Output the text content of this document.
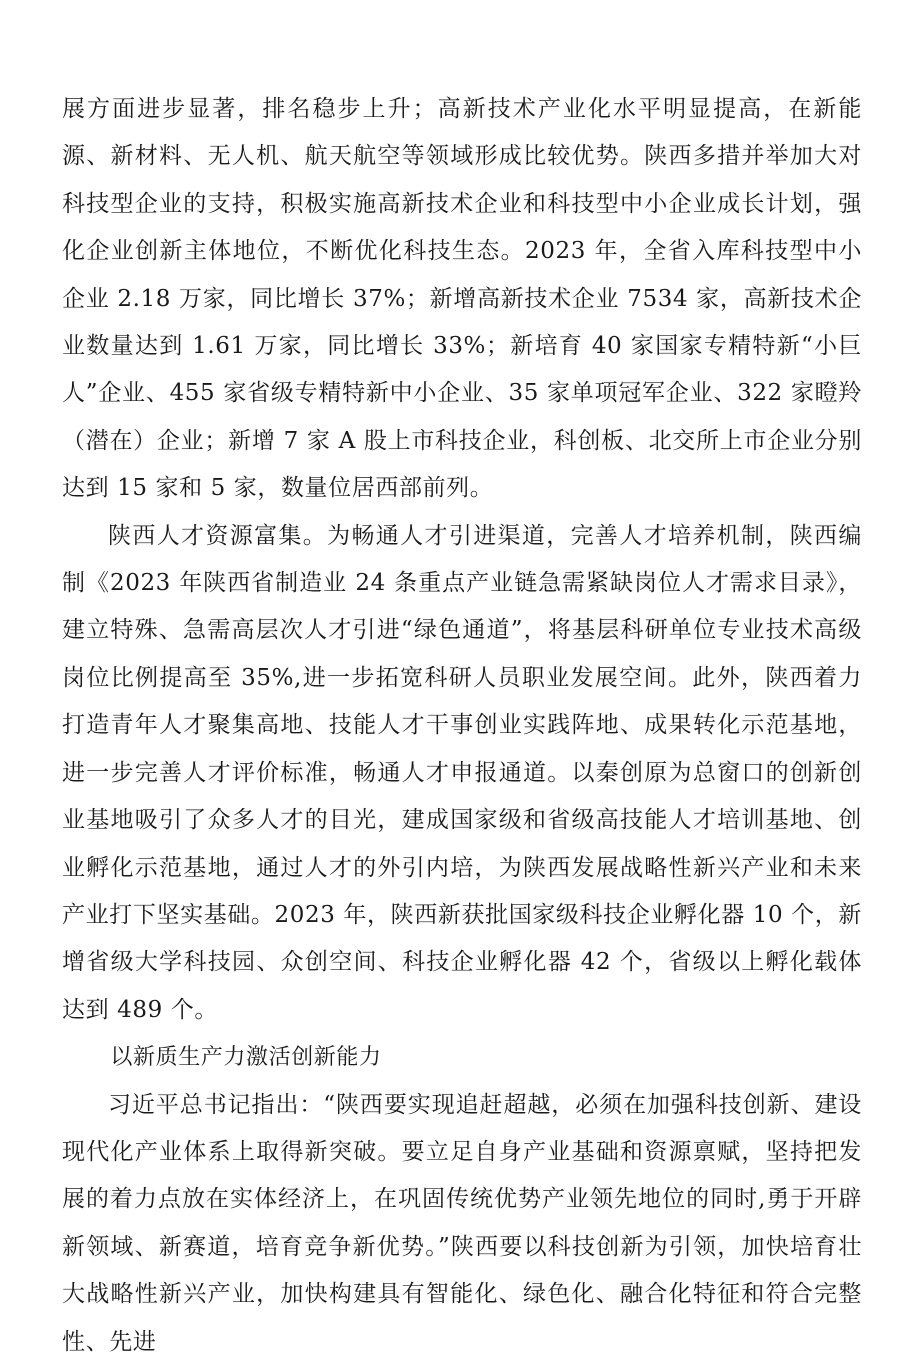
展方面进步显著，排名稳步上升；高新技术产业化水平明显提高，在新能源、新材料、无人机、航天航空等领域形成比较优势。陕西多措并举加大对科技型企业的支持，积极实施高新技术企业和科技型中小企业成长计划，强化企业创新主体地位，不断优化科技生态。2023 年，全省入库科技型中小企业 2.18 万家，同比增长 37%；新增高新技术企业 7534 家，高新技术企业数量达到 1.61 万家，同比增长 33%；新培育 40 家国家专精特新“小巨人”企业、455 家省级专精特新中小企业、35 家单项冠军企业、322 家瞪羚（潜在）企业；新增 7 家 A 股上市科技企业，科创板、北交所上市企业分别达到 15 家和 5 家，数量位居西部前列。

陕西人才资源富集。为畅通人才引进渠道，完善人才培养机制，陕西编制《2023 年陕西省制造业 24 条重点产业链急需紧缺岗位人才需求目录》，建立特殊、急需高层次人才引进“绿色通道”，将基层科研单位专业技术高级岗位比例提高至 35%,进一步拓宽科研人员职业发展空间。此外，陕西着力打造青年人才聚集高地、技能人才干事创业实践阵地、成果转化示范基地，进一步完善人才评价标准，畅通人才申报通道。以秦创原为总窗口的创新创业基地吸引了众多人才的目光，建成国家级和省级高技能人才培训基地、创业孵化示范基地，通过人才的外引内培，为陕西发展战略性新兴产业和未来产业打下坚实基础。2023 年，陕西新获批国家级科技企业孵化器 10 个，新增省级大学科技园、众创空间、科技企业孵化器 42 个，省级以上孵化载体达到 489 个。

以新质生产力激活创新能力

习近平总书记指出：“陕西要实现追赶超越，必须在加强科技创新、建设现代化产业体系上取得新突破。要立足自身产业基础和资源禀赋，坚持把发展的着力点放在实体经济上，在巩固传统优势产业领先地位的同时,勇于开辟新领域、新赛道，培育竞争新优势。”陕西要以科技创新为引领，加快培育壮大战略性新兴产业，加快构建具有智能化、绿色化、融合化特征和符合完整性、先进
